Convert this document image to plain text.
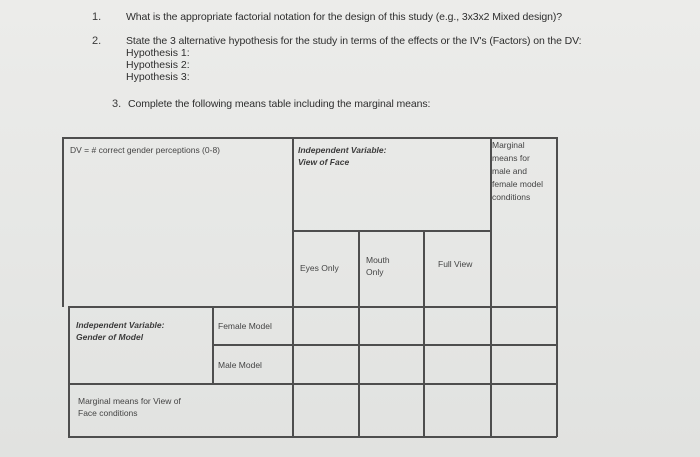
1. What is the appropriate factorial notation for the design of this study (e.g., 3x3x2 Mixed design)?
2. State the 3 alternative hypothesis for the study in terms of the effects or the IV's (Factors) on the DV:
Hypothesis 1:
Hypothesis 2:
Hypothesis 3:
3. Complete the following means table including the marginal means:
DV = # correct gender perceptions (0-8)	Independent Variable:
View of Face
Marginal
means for
male and
female model
conditions
Eyes Only
Mouth
Only
Full View
Independent Variable:
Gender of Model
Female Model
Male Model
Marginal means for View of
Face conditions
